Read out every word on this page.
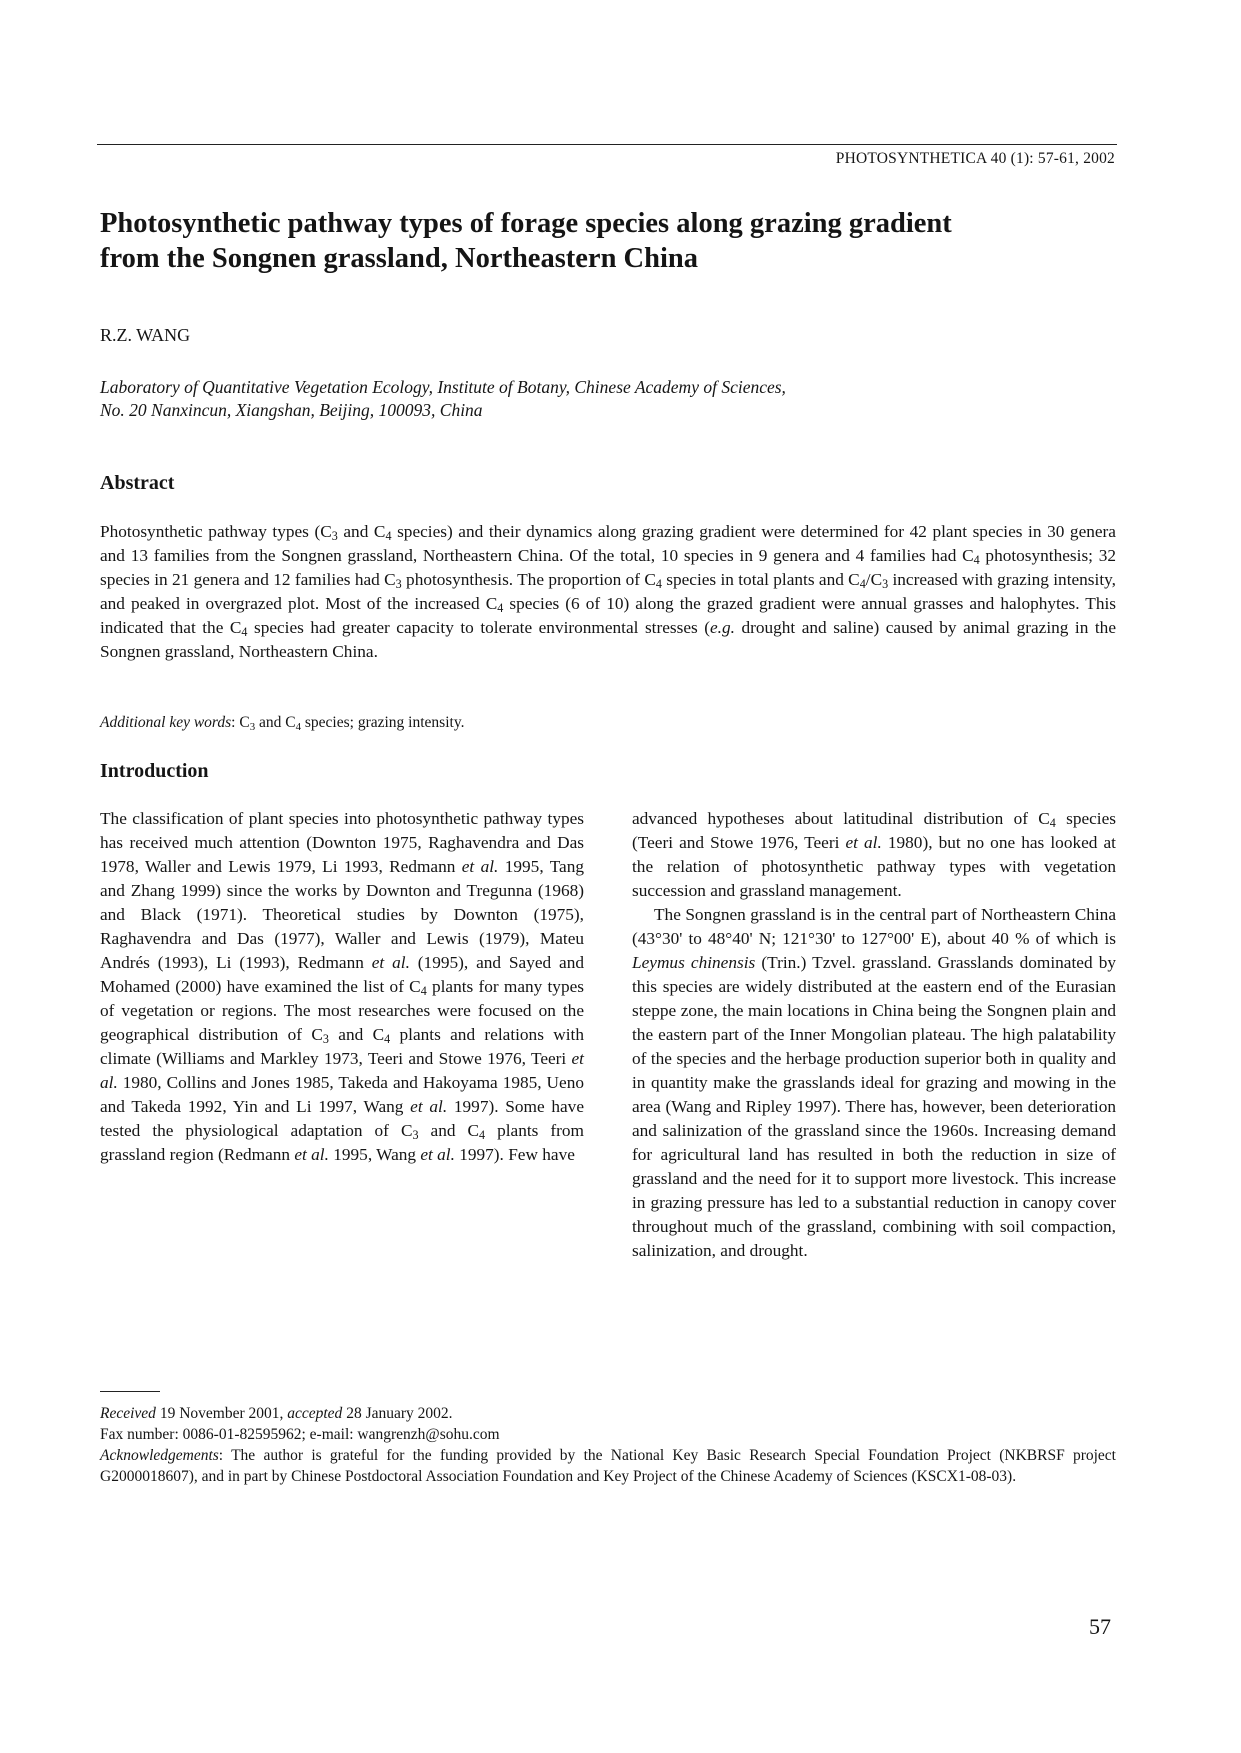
PHOTOSYNTHETICA 40 (1): 57-61, 2002
Photosynthetic pathway types of forage species along grazing gradient
from the Songnen grassland, Northeastern China
R.Z. WANG
Laboratory of Quantitative Vegetation Ecology, Institute of Botany, Chinese Academy of Sciences,
No. 20 Nanxincun, Xiangshan, Beijing, 100093, China
Abstract

Photosynthetic pathway types ($C_3$ and $C_4$ species) and their dynamics along grazing gradient were determined for 42 plant species in 30 genera and 13 families from the Songnen grassland, Northeastern China. Of the total, 10 species in 9 genera and 4 families had $C_4$ photosynthesis; 32 species in 21 genera and 12 families had $C_3$ photosynthesis. The proportion of $C_4$ species in total plants and $C_4/C_3$ increased with grazing intensity, and peaked in overgrazed plot. Most of the increased $C_4$ species (6 of 10) along the grazed gradient were annual grasses and halophytes. This indicated that the $C_4$ species had greater capacity to tolerate environmental stresses (e.g. drought and saline) caused by animal grazing in the Songnen grassland, Northeastern China.

Additional key words: $C_3$ and $C_4$ species; grazing intensity.
Introduction

The classification of plant species into photosynthetic pathway types has received much attention (Downton 1975, Raghavendra and Das 1978, Waller and Lewis 1979, Li 1993, Redmann et al. 1995, Tang and Zhang 1999) since the works by Downton and Tregunna (1968) and Black (1971). Theoretical studies by Downton (1975), Raghavendra and Das (1977), Waller and Lewis (1979), Mateu Andrés (1993), Li (1993), Redmann et al. (1995), and Sayed and Mohamed (2000) have examined the list of $C_4$ plants for many types of vegetation or regions. The most researches were focused on the geographical distribution of $C_3$ and $C_4$ plants and relations with climate (Williams and Markley 1973, Teeri and Stowe 1976, Teeri et al. 1980, Collins and Jones 1985, Takeda and Hakoyama 1985, Ueno and Takeda 1992, Yin and Li 1997, Wang et al. 1997). Some have tested the physiological adaptation of $C_3$ and $C_4$ plants from grassland region (Redmann et al. 1995, Wang et al. 1997). Few have

advanced hypotheses about latitudinal distribution of $C_4$ species (Teeri and Stowe 1976, Teeri et al. 1980), but no one has looked at the relation of photosynthetic pathway types with vegetation succession and grassland management.

The Songnen grassland is in the central part of Northeastern China (43°30' to 48°40' N; 121°30' to 127°00' E), about 40 % of which is Leymus chinensis (Trin.) Tzvel. grassland. Grasslands dominated by this species are widely distributed at the eastern end of the Eurasian steppe zone, the main locations in China being the Songnen plain and the eastern part of the Inner Mongolian plateau. The high palatability of the species and the herbage production superior both in quality and in quantity make the grasslands ideal for grazing and mowing in the area (Wang and Ripley 1997). There has, however, been deterioration and salinization of the grassland since the 1960s. Increasing demand for agricultural land has resulted in both the reduction in size of grassland and the need for it to support more livestock. This increase in grazing pressure has led to a substantial reduction in canopy cover throughout much of the grassland, combining with soil compaction, salinization, and drought.

Received 19 November 2001, accepted 28 January 2002.

Fax number: 0086-01-82595962; e-mail: wangrenzh@sohu.com

Acknowledgements: The author is grateful for the funding provided by the National Key Basic Research Special Foundation Project (NKBRSF project G2000018607), and in part by Chinese Postdoctoral Association Foundation and Key Project of the Chinese Academy of Sciences (KSCX1-08-03).

57
